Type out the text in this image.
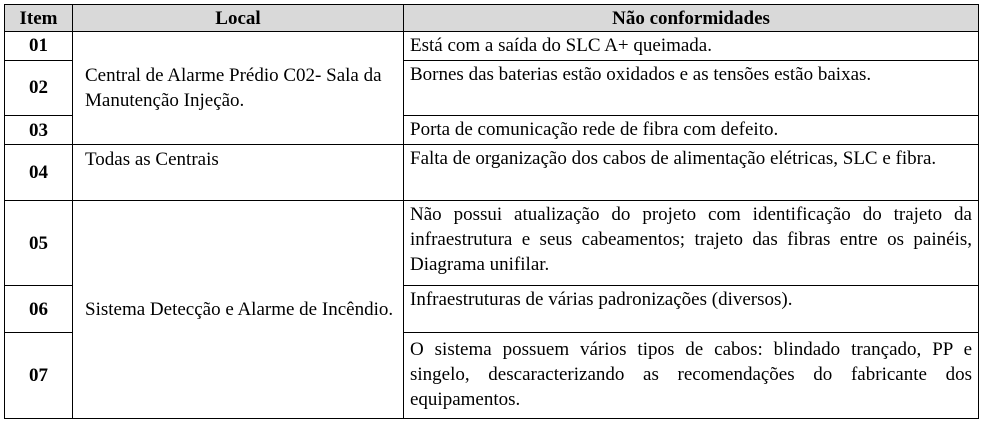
Item	Local	Não conformidades
01	Central de Alarme Prédio C02- Sala da Manutenção Injeção.	Está com a saída do SLC A+ queimada.
02		Bornes das baterias estão oxidados e as tensões estão baixas.
03		Porta de comunicação rede de fibra com defeito.
04	Todas as Centrais	Falta de organização dos cabos de alimentação elétricas, SLC e fibra.
05	Sistema Detecção e Alarme de Incêndio.	Não possui atualização do projeto com identificação do trajeto da infraestrutura e seus cabeamentos; trajeto das fibras entre os painéis, Diagrama unifilar.
06		Infraestruturas de várias padronizações (diversos).
07		O sistema possuem vários tipos de cabos: blindado trançado, PP e singelo, descaracterizando as recomendações do fabricante dos equipamentos.
